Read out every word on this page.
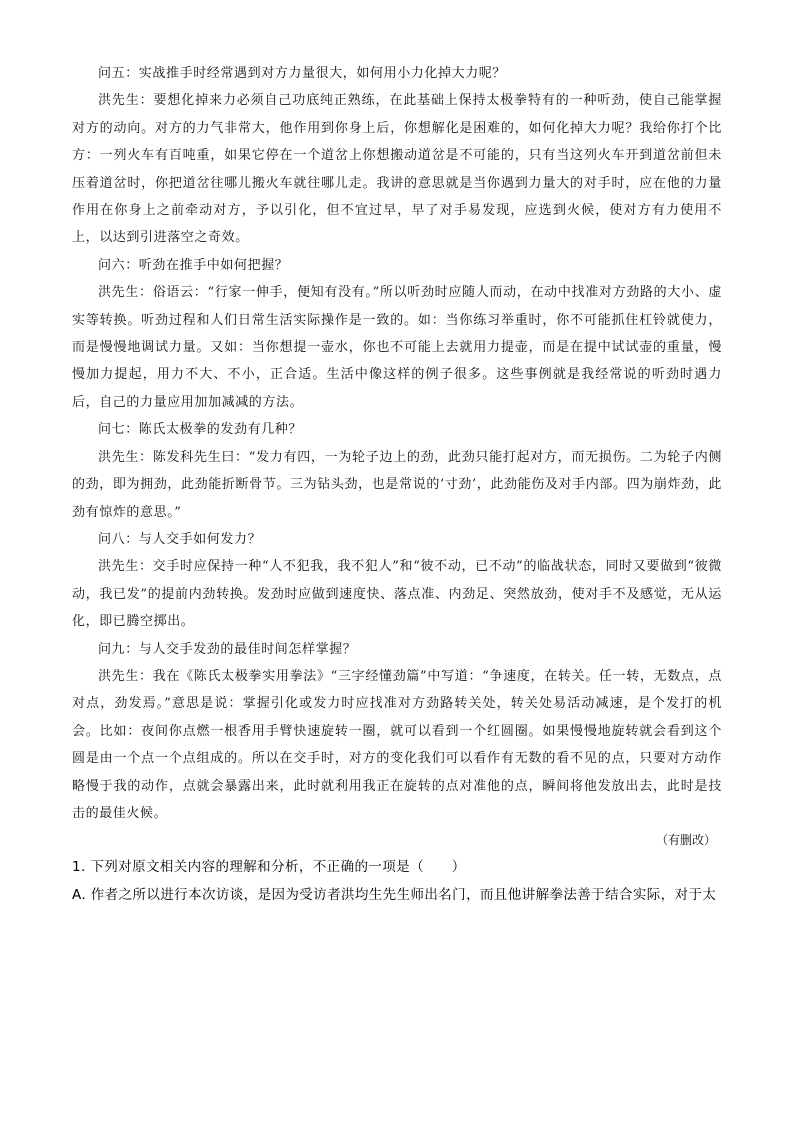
问五：实战推手时经常遇到对方力量很大，如何用小力化掉大力呢？

洪先生：要想化掉来力必须自己功底纯正熟练，在此基础上保持太极拳特有的一种听劲，使自己能掌握对方的动向。对方的力气非常大，他作用到你身上后，你想解化是困难的，如何化掉大力呢？我给你打个比方：一列火车有百吨重，如果它停在一个道岔上你想搬动道岔是不可能的，只有当这列火车开到道岔前但未压着道岔时，你把道岔往哪儿搬火车就往哪儿走。我讲的意思就是当你遇到力量大的对手时，应在他的力量作用在你身上之前牵动对方，予以引化，但不宜过早，早了对手易发现，应选到火候，使对方有力使用不上，以达到引进落空之奇效。

问六：听劲在推手中如何把握？

洪先生：俗语云：“行家一伸手，便知有没有。”所以听劲时应随人而动，在动中找准对方劲路的大小、虚实等转换。听劲过程和人们日常生活实际操作是一致的。如：当你练习举重时，你不可能抓住杠铃就使力，而是慢慢地调试力量。又如：当你想提一壶水，你也不可能上去就用力提壶，而是在提中试试壶的重量，慢慢加力提起，用力不大、不小，正合适。生活中像这样的例子很多。这些事例就是我经常说的听劲时遇力后，自己的力量应用加加减减的方法。

问七：陈氏太极拳的发劲有几种？

洪先生：陈发科先生曰：“发力有四，一为轮子边上的劲，此劲只能打起对方，而无损伤。二为轮子内侧的劲，即为拥劲，此劲能折断骨节。三为钻头劲，也是常说的‘寸劲’，此劲能伤及对手内部。四为崩炸劲，此劲有惊炸的意思。”

问八：与人交手如何发力？

洪先生：交手时应保持一种“人不犯我，我不犯人”和“彼不动，已不动”的临战状态，同时又要做到“彼微动，我已发”的提前内劲转换。发劲时应做到速度快、落点准、内劲足、突然放劲，使对手不及感觉，无从运化，即已腾空掷出。

问九：与人交手发劲的最佳时间怎样掌握？

洪先生：我在《陈氏太极拳实用拳法》“三字经懂劲篇”中写道：“争速度，在转关。任一转，无数点，点对点，劲发焉。”意思是说：掌握引化或发力时应找准对方劲路转关处，转关处易活动减速，是个发打的机会。比如：夜间你点燃一根香用手臂快速旋转一圈，就可以看到一个红圆圈。如果慢慢地旋转就会看到这个圆是由一个点一个点组成的。所以在交手时，对方的变化我们可以看作有无数的看不见的点，只要对方动作略慢于我的动作，点就会暴露出来，此时就利用我正在旋转的点对准他的点，瞬间将他发放出去，此时是技击的最佳火候。

（有删改）

1. 下列对原文相关内容的理解和分析，不正确的一项是（　　）

A. 作者之所以进行本次访谈，是因为受访者洪均生先生师出名门，而且他讲解拳法善于结合实际，对于太
